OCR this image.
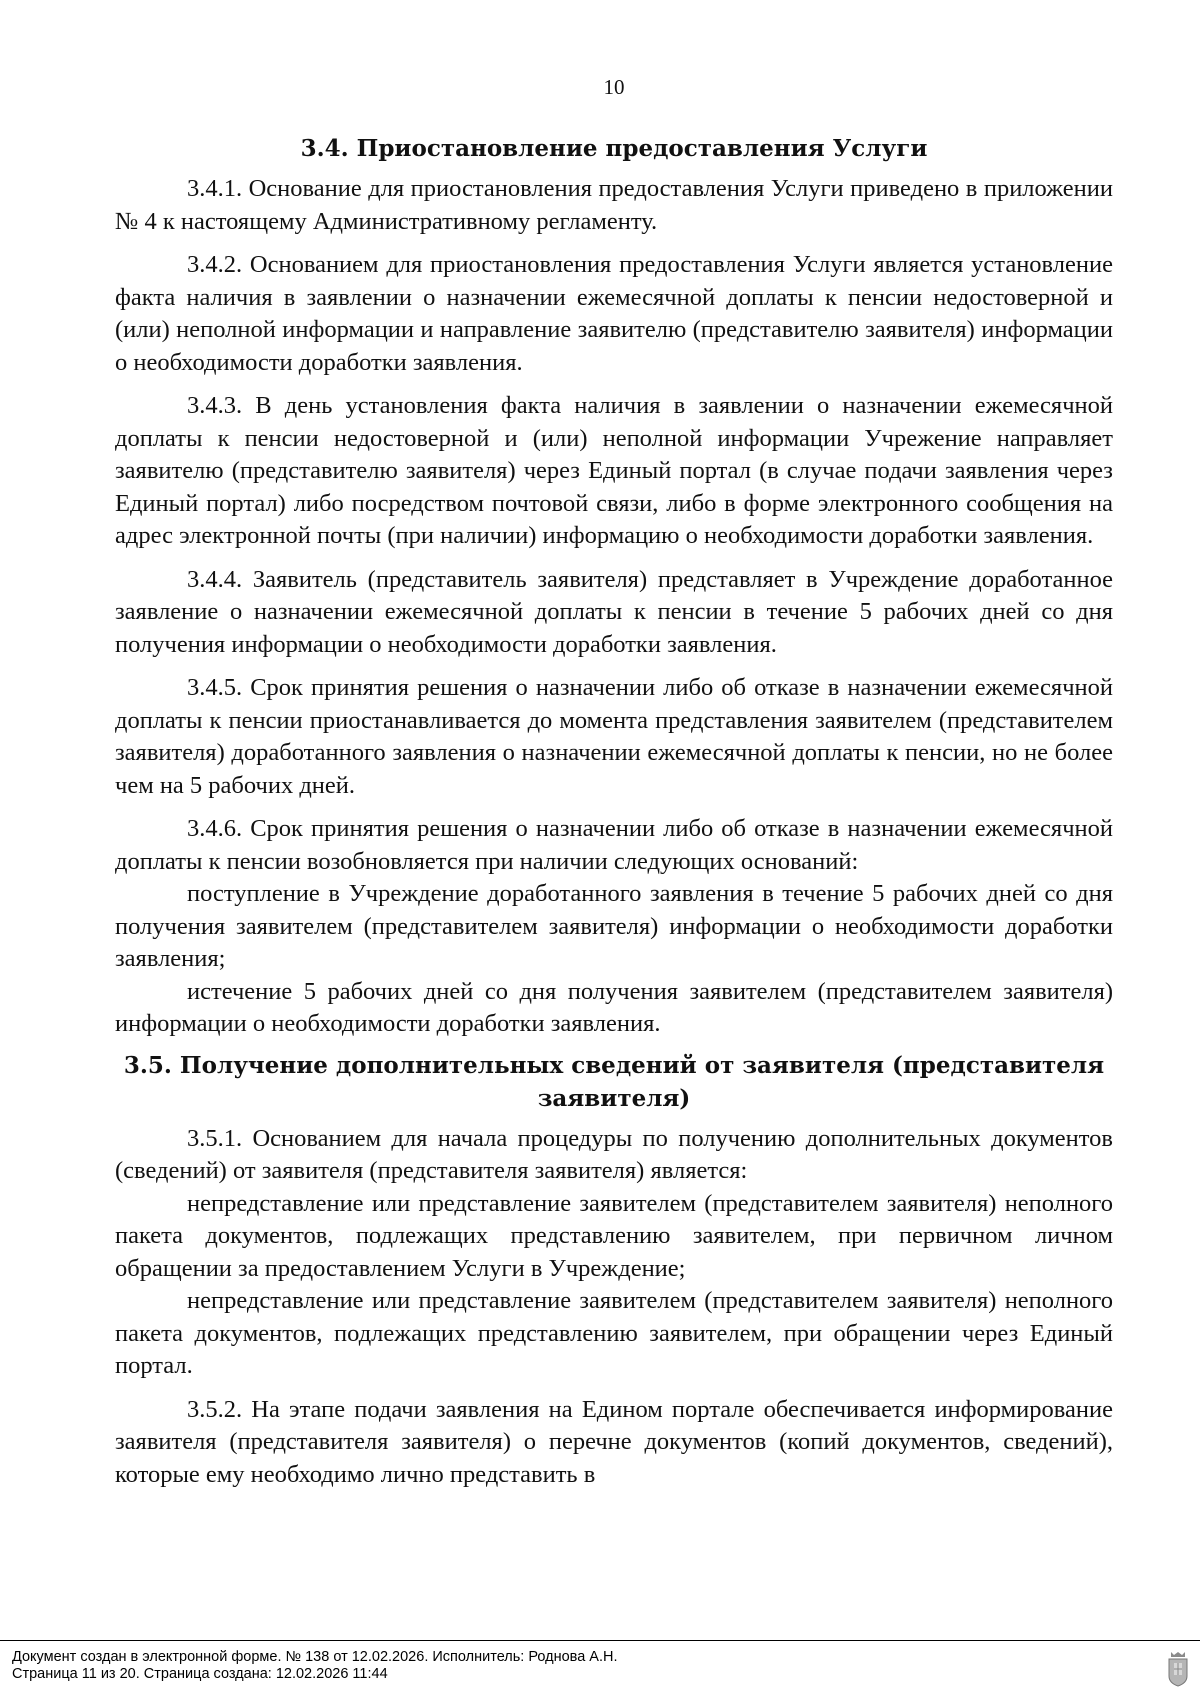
10
3.4. Приостановление предоставления Услуги

3.4.1. Основание для приостановления предоставления Услуги приведено в приложении № 4 к настоящему Административному регламенту.

3.4.2. Основанием для приостановления предоставления Услуги является установление факта наличия в заявлении о назначении ежемесячной доплаты к пенсии недостоверной и (или) неполной информации и направление заявителю (представителю заявителя) информации о необходимости доработки заявления.

3.4.3. В день установления факта наличия в заявлении о назначении ежемесячной доплаты к пенсии недостоверной и (или) неполной информации Учрежение направляет заявителю (представителю заявителя) через Единый портал (в случае подачи заявления через Единый портал) либо посредством почтовой связи, либо в форме электронного сообщения на адрес электронной почты (при наличии) информацию о необходимости доработки заявления.

3.4.4. Заявитель (представитель заявителя) представляет в Учреждение доработанное заявление о назначении ежемесячной доплаты к пенсии в течение 5 рабочих дней со дня получения информации о необходимости доработки заявления.

3.4.5. Срок принятия решения о назначении либо об отказе в назначении ежемесячной доплаты к пенсии приостанавливается до момента представления заявителем (представителем заявителя) доработанного заявления о назначении ежемесячной доплаты к пенсии, но не более чем на 5 рабочих дней.

3.4.6. Срок принятия решения о назначении либо об отказе в назначении ежемесячной доплаты к пенсии возобновляется при наличии следующих оснований:

поступление в Учреждение доработанного заявления в течение 5 рабочих дней со дня получения заявителем (представителем заявителя) информации о необходимости доработки заявления;

истечение 5 рабочих дней со дня получения заявителем (представителем заявителя) информации о необходимости доработки заявления.

3.5. Получение дополнительных сведений от заявителя (представителя
заявителя)

3.5.1. Основанием для начала процедуры по получению дополнительных документов (сведений) от заявителя (представителя заявителя) является:

непредставление или представление заявителем (представителем заявителя) неполного пакета документов, подлежащих представлению заявителем, при первичном личном обращении за предоставлением Услуги в Учреждение;

непредставление или представление заявителем (представителем заявителя) неполного пакета документов, подлежащих представлению заявителем, при обращении через Единый портал.

3.5.2. На этапе подачи заявления на Едином портале обеспечивается информирование заявителя (представителя заявителя) о перечне документов (копий документов, сведений), которые ему необходимо лично представить в

Документ создан в электронной форме. № 138 от 12.02.2026. Исполнитель: Роднова А.Н.
Страница 11 из 20. Страница создана: 12.02.2026 11:44
